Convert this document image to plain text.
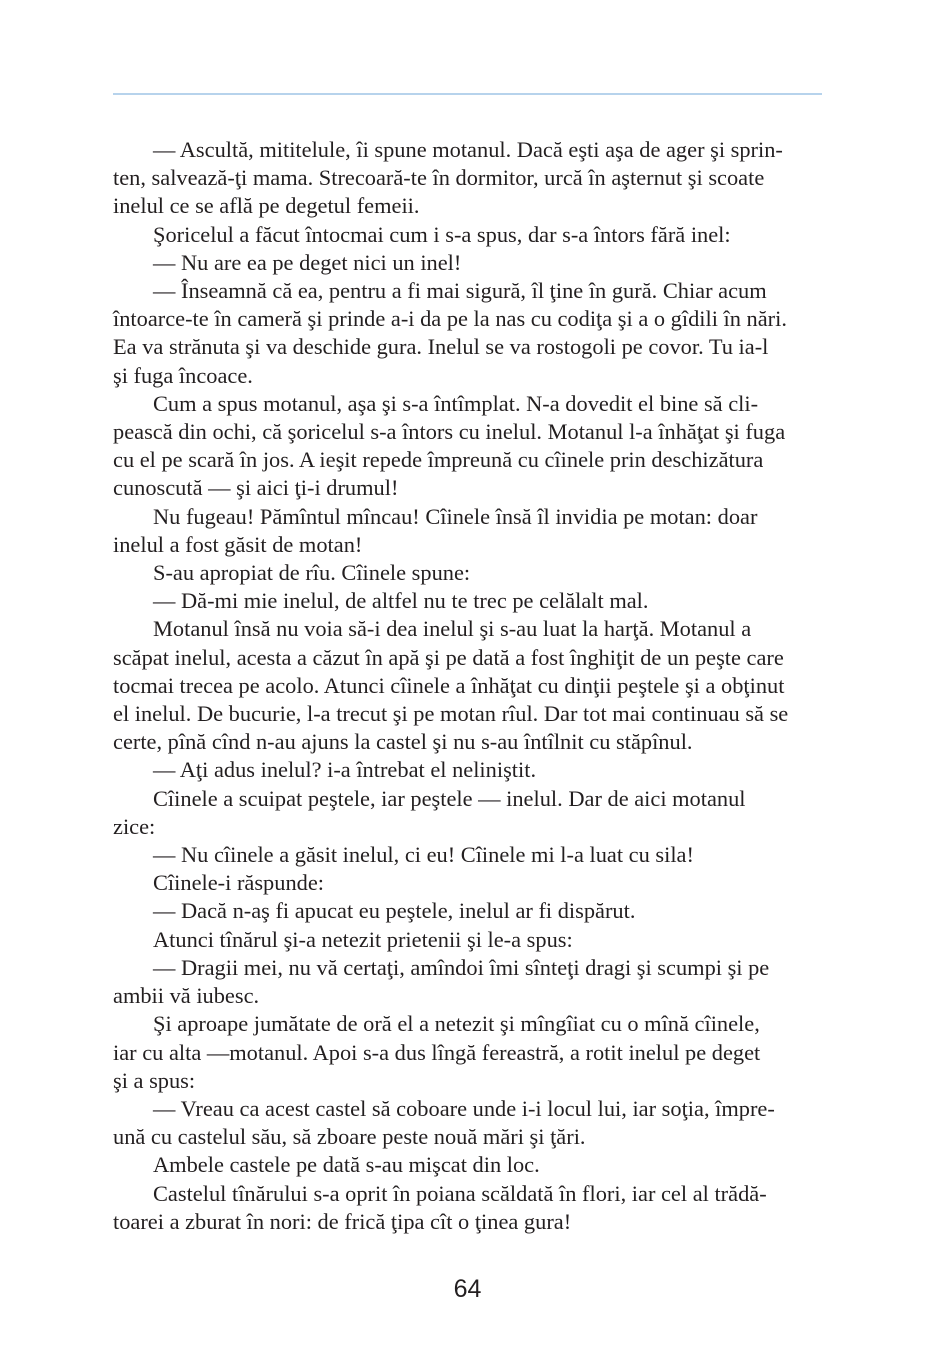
— Ascultă, mititelule, îi spune motanul. Dacă eşti aşa de ager şi sprin-
ten, salvează-ţi mama. Strecoară-te în dormitor, urcă în aşternut şi scoate
inelul ce se află pe degetul femeii.

Şoricelul a făcut întocmai cum i s-a spus, dar s-a întors fără inel:

— Nu are ea pe deget nici un inel!

— Înseamnă că ea, pentru a fi mai sigură, îl ţine în gură. Chiar acum
întoarce-te în cameră şi prinde a-i da pe la nas cu codiţa şi a o gîdili în nări.
Ea va strănuta şi va deschide gura. Inelul se va rostogoli pe covor. Tu ia-l
şi fuga încoace.

Cum a spus motanul, aşa şi s-a întîmplat. N-a dovedit el bine să cli-
pească din ochi, că şoricelul s-a întors cu inelul. Motanul l-a înhăţat şi fuga
cu el pe scară în jos. A ieşit repede împreună cu cîinele prin deschizătura
cunoscută — şi aici ţi-i drumul!

Nu fugeau! Pămîntul mîncau! Cîinele însă îl invidia pe motan: doar
inelul a fost găsit de motan!

S-au apropiat de rîu. Cîinele spune:

— Dă-mi mie inelul, de altfel nu te trec pe celălalt mal.

Motanul însă nu voia să-i dea inelul şi s-au luat la harţă. Motanul a
scăpat inelul, acesta a căzut în apă şi pe dată a fost înghiţit de un peşte care
tocmai trecea pe acolo. Atunci cîinele a înhăţat cu dinţii peştele şi a obţinut
el inelul. De bucurie, l-a trecut şi pe motan rîul. Dar tot mai continuau să se
certe, pînă cînd n-au ajuns la castel şi nu s-au întîlnit cu stăpînul.

— Aţi adus inelul? i-a întrebat el neliniştit.

Cîinele a scuipat peştele, iar peştele — inelul. Dar de aici motanul
zice:

— Nu cîinele a găsit inelul, ci eu! Cîinele mi l-a luat cu sila!

Cîinele-i răspunde:

— Dacă n-aş fi apucat eu peştele, inelul ar fi dispărut.

Atunci tînărul şi-a netezit prietenii şi le-a spus:

— Dragii mei, nu vă certaţi, amîndoi îmi sînteţi dragi şi scumpi şi pe
ambii vă iubesc.

Şi aproape jumătate de oră el a netezit şi mîngîiat cu o mînă cîinele,
iar cu alta —motanul. Apoi s-a dus lîngă fereastră, a rotit inelul pe deget
şi a spus:

— Vreau ca acest castel să coboare unde i-i locul lui, iar soţia, împre-
ună cu castelul său, să zboare peste nouă mări şi ţări.

Ambele castele pe dată s-au mişcat din loc.

Castelul tînărului s-a oprit în poiana scăldată în flori, iar cel al trădă-
toarei a zburat în nori: de frică ţipa cît o ţinea gura!

64
